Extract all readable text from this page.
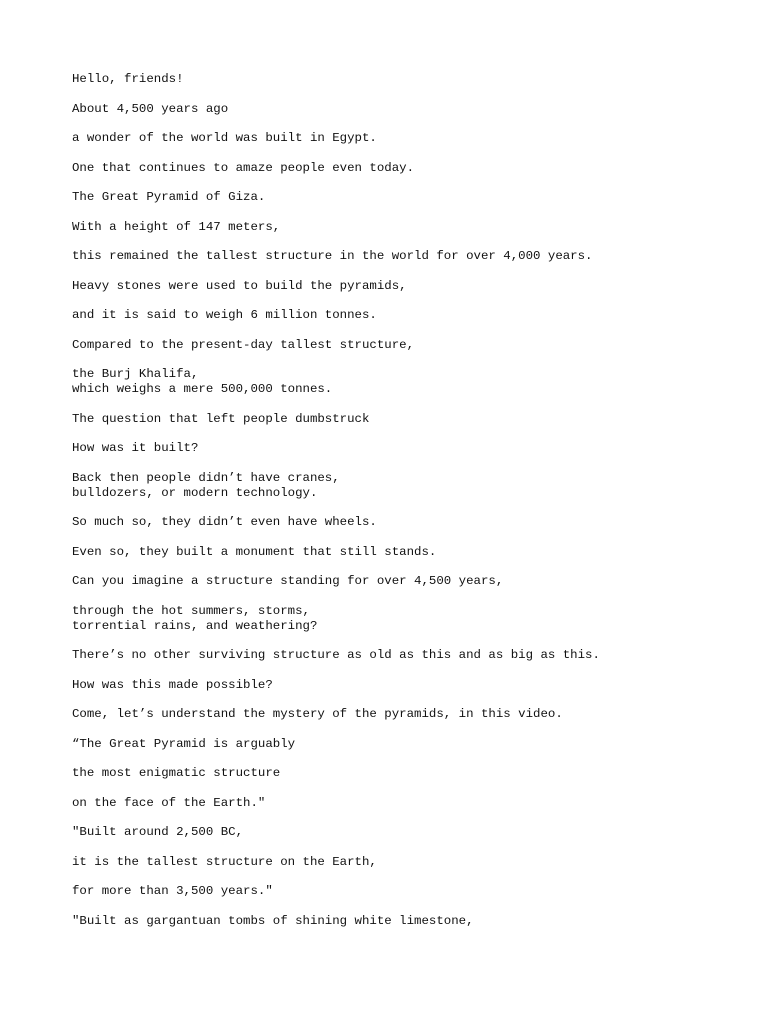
Hello, friends!

About 4,500 years ago

a wonder of the world was built in Egypt.

One that continues to amaze people even today.

The Great Pyramid of Giza.

With a height of 147 meters,

this remained the tallest structure in the world for over 4,000 years.

Heavy stones were used to build the pyramids,

and it is said to weigh 6 million tonnes.

Compared to the present-day tallest structure,

the Burj Khalifa,
which weighs a mere 500,000 tonnes.

The question that left people dumbstruck

How was it built?

Back then people didn’t have cranes,
bulldozers, or modern technology.

So much so, they didn’t even have wheels.

Even so, they built a monument that still stands.

Can you imagine a structure standing for over 4,500 years,

through the hot summers, storms,
torrential rains, and weathering?

There’s no other surviving structure as old as this and as big as this.

How was this made possible?

Come, let’s understand the mystery of the pyramids, in this video.

“The Great Pyramid is arguably

the most enigmatic structure

on the face of the Earth."

"Built around 2,500 BC,

it is the tallest structure on the Earth,

for more than 3,500 years."

"Built as gargantuan tombs of shining white limestone,
